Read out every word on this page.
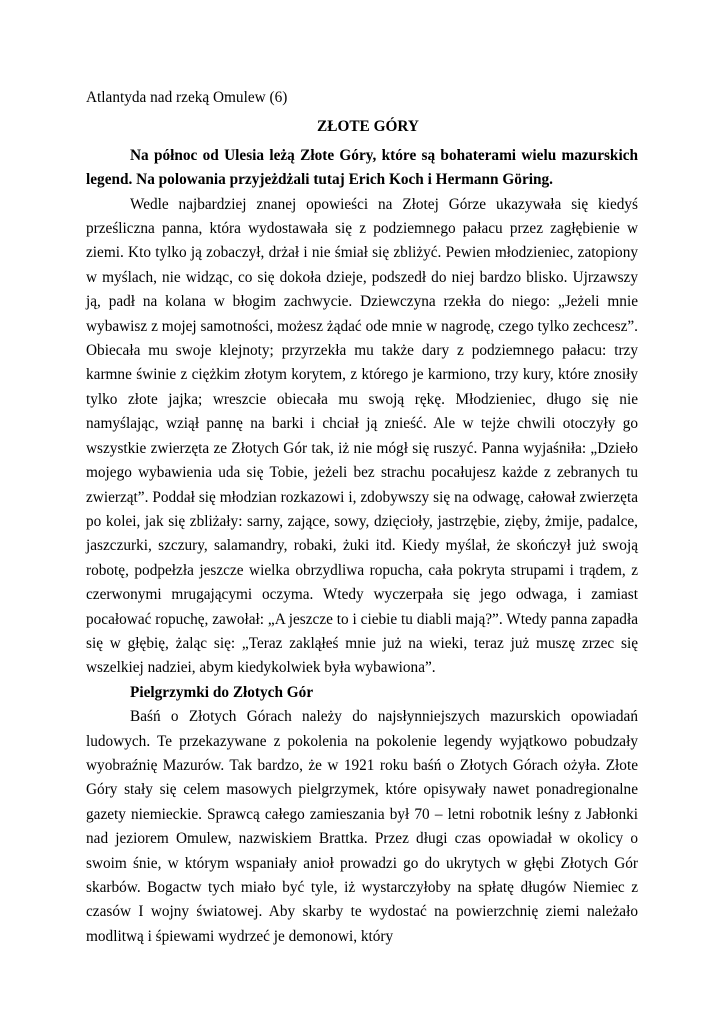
Atlantyda nad rzeką Omulew (6)

ZŁOTE GÓRY

Na północ od Ulesia leżą Złote Góry, które są bohaterami wielu mazurskich legend. Na polowania przyjeżdżali tutaj Erich Koch i Hermann Göring.

Wedle najbardziej znanej opowieści na Złotej Górze ukazywała się kiedyś prześliczna panna, która wydostawała się z podziemnego pałacu przez zagłębienie w ziemi. Kto tylko ją zobaczył, drżał i nie śmiał się zbliżyć. Pewien młodzieniec, zatopiony w myślach, nie widząc, co się dokoła dzieje, podszedł do niej bardzo blisko. Ujrzawszy ją, padł na kolana w błogim zachwycie. Dziewczyna rzekła do niego: „Jeżeli mnie wybawisz z mojej samotności, możesz żądać ode mnie w nagrodę, czego tylko zechcesz”. Obiecała mu swoje klejnoty; przyrzekła mu także dary z podziemnego pałacu: trzy karmne świnie z ciężkim złotym korytem, z którego je karmiono, trzy kury, które znosiły tylko złote jajka; wreszcie obiecała mu swoją rękę. Młodzieniec, długo się nie namyślając, wziął pannę na barki i chciał ją znieść. Ale w tejże chwili otoczyły go wszystkie zwierzęta ze Złotych Gór tak, iż nie mógł się ruszyć. Panna wyjaśniła: „Dzieło mojego wybawienia uda się Tobie, jeżeli bez strachu pocałujesz każde z zebranych tu zwierząt”. Poddał się młodzian rozkazowi i, zdobywszy się na odwagę, całował zwierzęta po kolei, jak się zbliżały: sarny, zające, sowy, dzięcioły, jastrzębie, zięby, żmije, padalce, jaszczurki, szczury, salamandry, robaki, żuki itd. Kiedy myślał, że skończył już swoją robotę, podpełzła jeszcze wielka obrzydliwa ropucha, cała pokryta strupami i trądem, z czerwonymi mrugającymi oczyma. Wtedy wyczerpała się jego odwaga, i zamiast pocałować ropuchę, zawołał: „A jeszcze to i ciebie tu diabli mają?”. Wtedy panna zapadła się w głębię, żaląc się: „Teraz zakląłeś mnie już na wieki, teraz już muszę zrzec się wszelkiej nadziei, abym kiedykolwiek była wybawiona”.

Pielgrzymki do Złotych Gór

Baśń o Złotych Górach należy do najsłynniejszych mazurskich opowiadań ludowych. Te przekazywane z pokolenia na pokolenie legendy wyjątkowo pobudzały wyobraźnię Mazurów. Tak bardzo, że w 1921 roku baśń o Złotych Górach ożyła. Złote Góry stały się celem masowych pielgrzymek, które opisywały nawet ponadregionalne gazety niemieckie. Sprawcą całego zamieszania był 70 – letni robotnik leśny z Jabłonki nad jeziorem Omulew, nazwiskiem Brattka. Przez długi czas opowiadał w okolicy o swoim śnie, w którym wspaniały anioł prowadzi go do ukrytych w głębi Złotych Gór skarbów. Bogactw tych miało być tyle, iż wystarczyłoby na spłatę długów Niemiec z czasów I wojny światowej. Aby skarby te wydostać na powierzchnię ziemi należało modlitwą i śpiewami wydrzeć je demonowi, który
